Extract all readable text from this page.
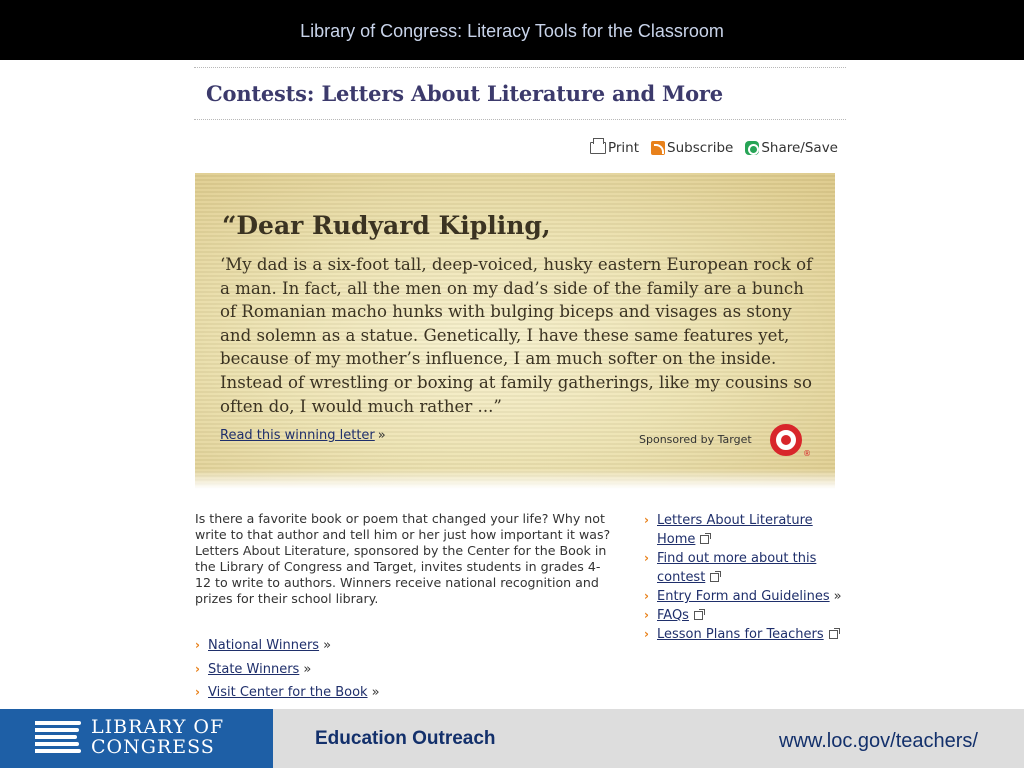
Library of Congress: Literacy Tools for the Classroom
Contests: Letters About Literature and More
Print Subscribe Share/Save
“Dear Rudyard Kipling,
‘My dad is a six-foot tall, deep-voiced, husky eastern European rock of a man. In fact, all the men on my dad’s side of the family are a bunch of Romanian macho hunks with bulging biceps and visages as stony and solemn as a statue. Genetically, I have these same features yet, because of my mother’s influence, I am much softer on the inside. Instead of wrestling or boxing at family gatherings, like my cousins so often do, I would much rather ...”
Read this winning letter »	Sponsored by Target
®
Is there a favorite book or poem that changed your life? Why not write to that author and tell him or her just how important it was? Letters About Literature, sponsored by the Center for the Book in the Library of Congress and Target, invites students in grades 4-12 to write to authors. Winners receive national recognition and prizes for their school library.
› National Winners »
› State Winners »
› Visit Center for the Book »
› Letters About Literature Home
› Find out more about this contest
› Entry Form and Guidelines »
› FAQs
› Lesson Plans for Teachers
LIBRARY OF
CONGRESS	Education Outreach	www.loc.gov/teachers/
